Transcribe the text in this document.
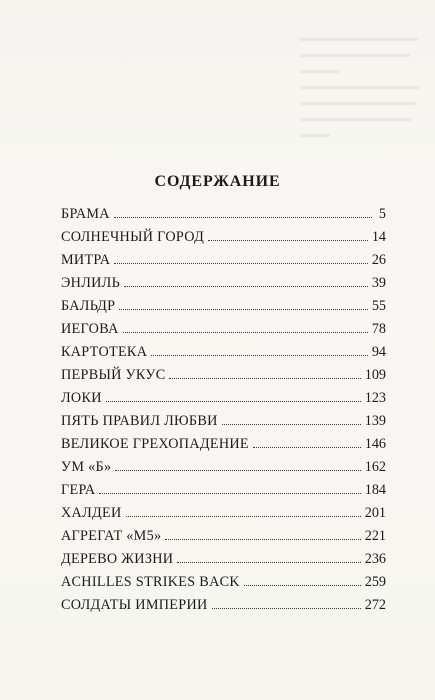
СОДЕРЖАНИЕ
БРАМА	5
СОЛНЕЧНЫЙ ГОРОД	14
МИТРА	26
ЭНЛИЛЬ	39
БАЛЬДР	55
ИЕГОВА	78
КАРТОТЕКА	94
ПЕРВЫЙ УКУС	109
ЛОКИ	123
ПЯТЬ ПРАВИЛ ЛЮБВИ	139
ВЕЛИКОЕ ГРЕХОПАДЕНИЕ	146
УМ «Б»	162
ГЕРА	184
ХАЛДЕИ	201
АГРЕГАТ «М5»	221
ДЕРЕВО ЖИЗНИ	236
ACHILLES STRIKES BACK	259
СОЛДАТЫ ИМПЕРИИ	272
